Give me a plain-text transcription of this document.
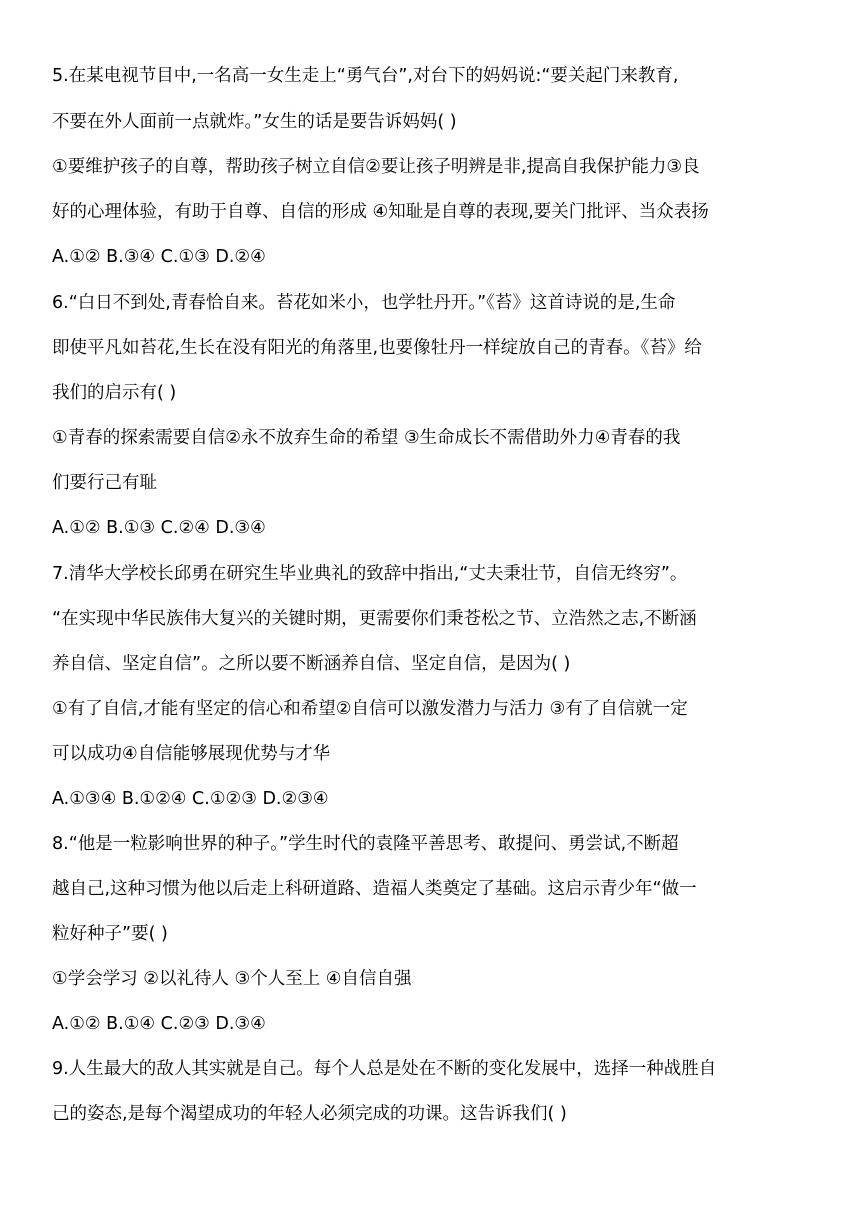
5.在某电视节目中,一名高一女生走上“勇气台”,对台下的妈妈说:“要关起门来教育,
不要在外人面前一点就炸。”女生的话是要告诉妈妈( )
①要维护孩子的自尊，帮助孩子树立自信②要让孩子明辨是非,提高自我保护能力③良
好的心理体验，有助于自尊、自信的形成 ④知耻是自尊的表现,要关门批评、当众表扬
A.①② B.③④ C.①③ D.②④
6.“白日不到处,青春恰自来。苔花如米小，也学牡丹开。”《苔》这首诗说的是,生命
即使平凡如苔花,生长在没有阳光的角落里,也要像牡丹一样绽放自己的青春。《苔》给
我们的启示有( )
①青春的探索需要自信②永不放弃生命的希望 ③生命成长不需借助外力④青春的我
们要行己有耻
A.①② B.①③ C.②④ D.③④
7.清华大学校长邱勇在研究生毕业典礼的致辞中指出,“丈夫秉壮节，自信无终穷”。
“在实现中华民族伟大复兴的关键时期，更需要你们秉苍松之节、立浩然之志,不断涵
养自信、坚定自信”。之所以要不断涵养自信、坚定自信，是因为( )
①有了自信,才能有坚定的信心和希望②自信可以激发潜力与活力 ③有了自信就一定
可以成功④自信能够展现优势与才华
A.①③④ B.①②④ C.①②③ D.②③④
8.“他是一粒影响世界的种子。”学生时代的袁隆平善思考、敢提问、勇尝试,不断超
越自己,这种习惯为他以后走上科研道路、造福人类奠定了基础。这启示青少年“做一
粒好种子”要( )
①学会学习 ②以礼待人 ③个人至上 ④自信自强
A.①② B.①④ C.②③ D.③④
9.人生最大的敌人其实就是自己。每个人总是处在不断的变化发展中，选择一种战胜自
己的姿态,是每个渴望成功的年轻人必须完成的功课。这告诉我们( )
